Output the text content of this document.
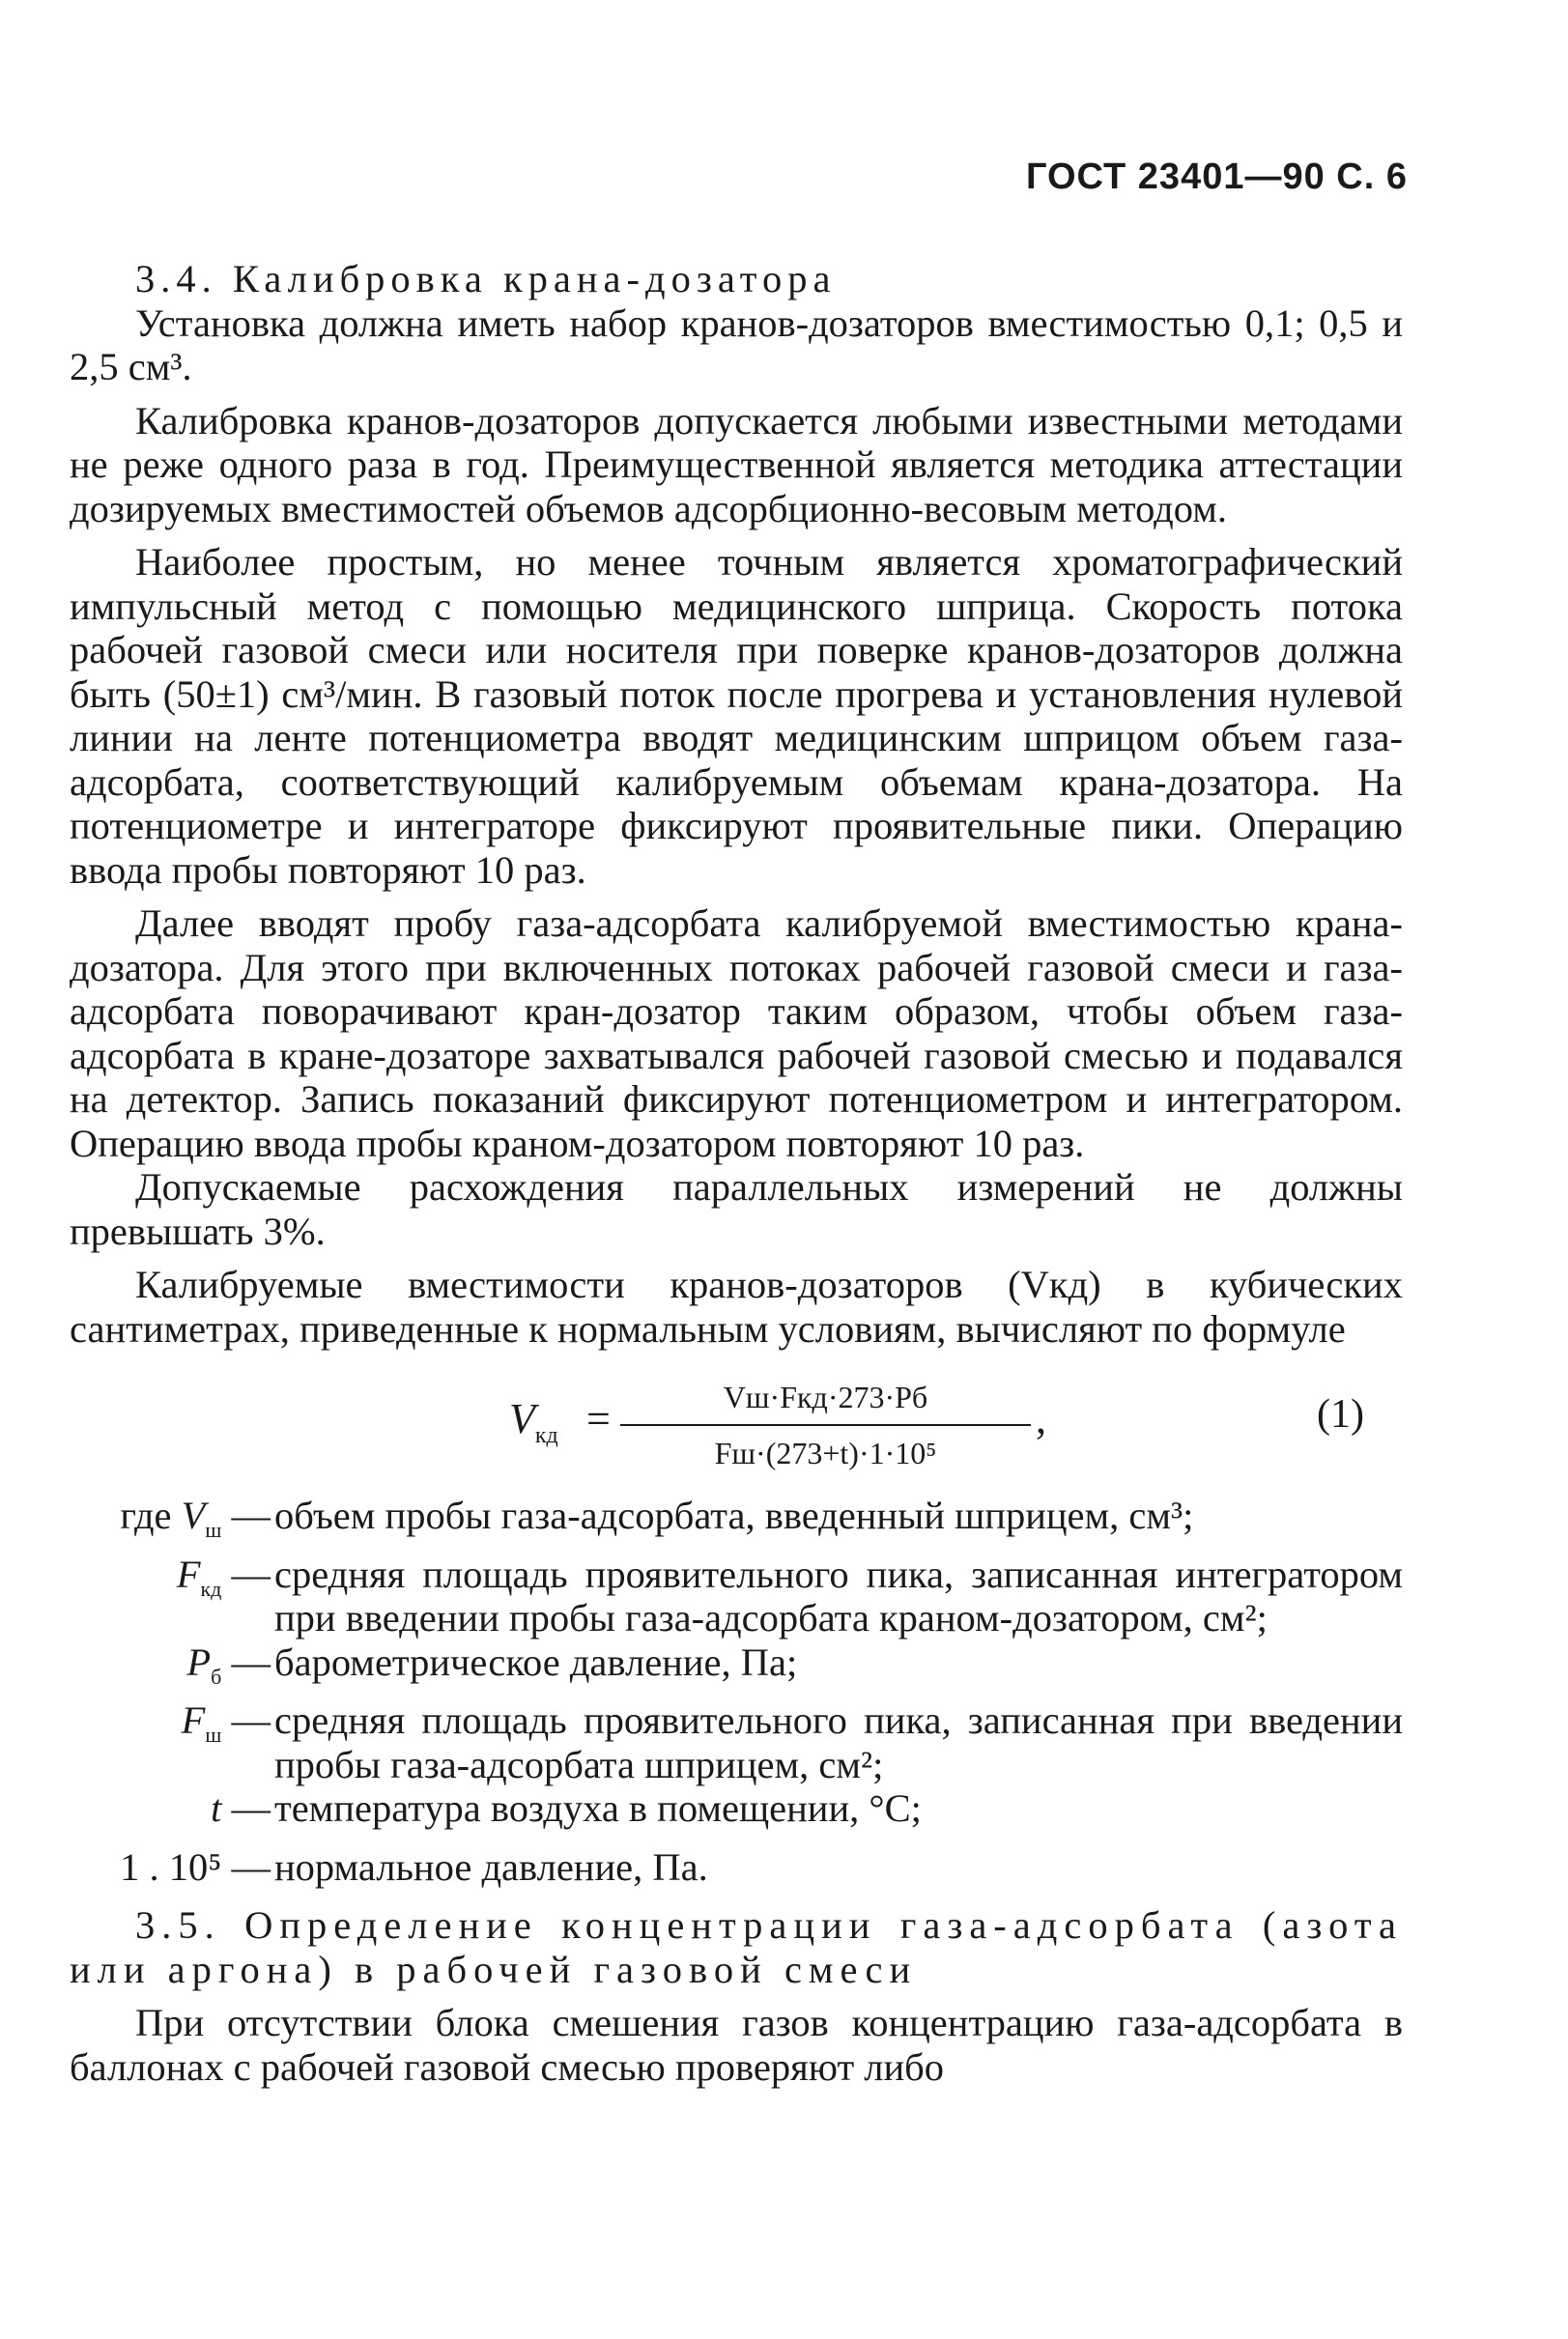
ГОСТ 23401—90 С. 6

3.4. Калибровка крана-дозатора

Установка должна иметь набор кранов-дозаторов вместимостью 0,1; 0,5 и 2,5 см³.

Калибровка кранов-дозаторов допускается любыми известными методами не реже одного раза в год. Преимущественной является методика аттестации дозируемых вместимостей объемов адсорбционно-весовым методом.

Наиболее простым, но менее точным является хроматографический импульсный метод с помощью медицинского шприца. Скорость потока рабочей газовой смеси или носителя при поверке кранов-дозаторов должна быть (50±1) см³/мин. В газовый поток после прогрева и установления нулевой линии на ленте потенциометра вводят медицинским шприцом объем газа-адсорбата, соответствующий калибруемым объемам крана-дозатора. На потенциометре и интеграторе фиксируют проявительные пики. Операцию ввода пробы повторяют 10 раз.

Далее вводят пробу газа-адсорбата калибруемой вместимостью крана-дозатора. Для этого при включенных потоках рабочей газовой смеси и газа-адсорбата поворачивают кран-дозатор таким образом, чтобы объем газа-адсорбата в кране-дозаторе захватывался рабочей газовой смесью и подавался на детектор. Запись показаний фиксируют потенциометром и интегратором. Операцию ввода пробы краном-дозатором повторяют 10 раз.

Допускаемые расхождения параллельных измерений не должны превышать 3%.

Калибруемые вместимости кранов-дозаторов (Vкд) в кубических сантиметрах, приведенные к нормальным условиям, вычисляют по формуле

$V_{кд}$ =	Vш·Fкд·273·Pб
Fш·(273+t)·1·10⁵
,	(1)
где $V_ш$ — объем пробы газа-адсорбата, введенный шприцем, см³;
$F_{кд}$ — средняя площадь проявительного пика, записанная интегратором при введении пробы газа-адсорбата краном-дозатором, см²;
$P_б$ — барометрическое давление, Па;
$F_ш$ — средняя площадь проявительного пика, записанная при введении пробы газа-адсорбата шприцем, см²;
t — температура воздуха в помещении, °С;
1 . 10⁵ — нормальное давление, Па.

3.5. Определение концентрации газа-адсорбата (азота или аргона) в рабочей газовой смеси

При отсутствии блока смешения газов концентрацию газа-адсорбата в баллонах с рабочей газовой смесью проверяют либо
